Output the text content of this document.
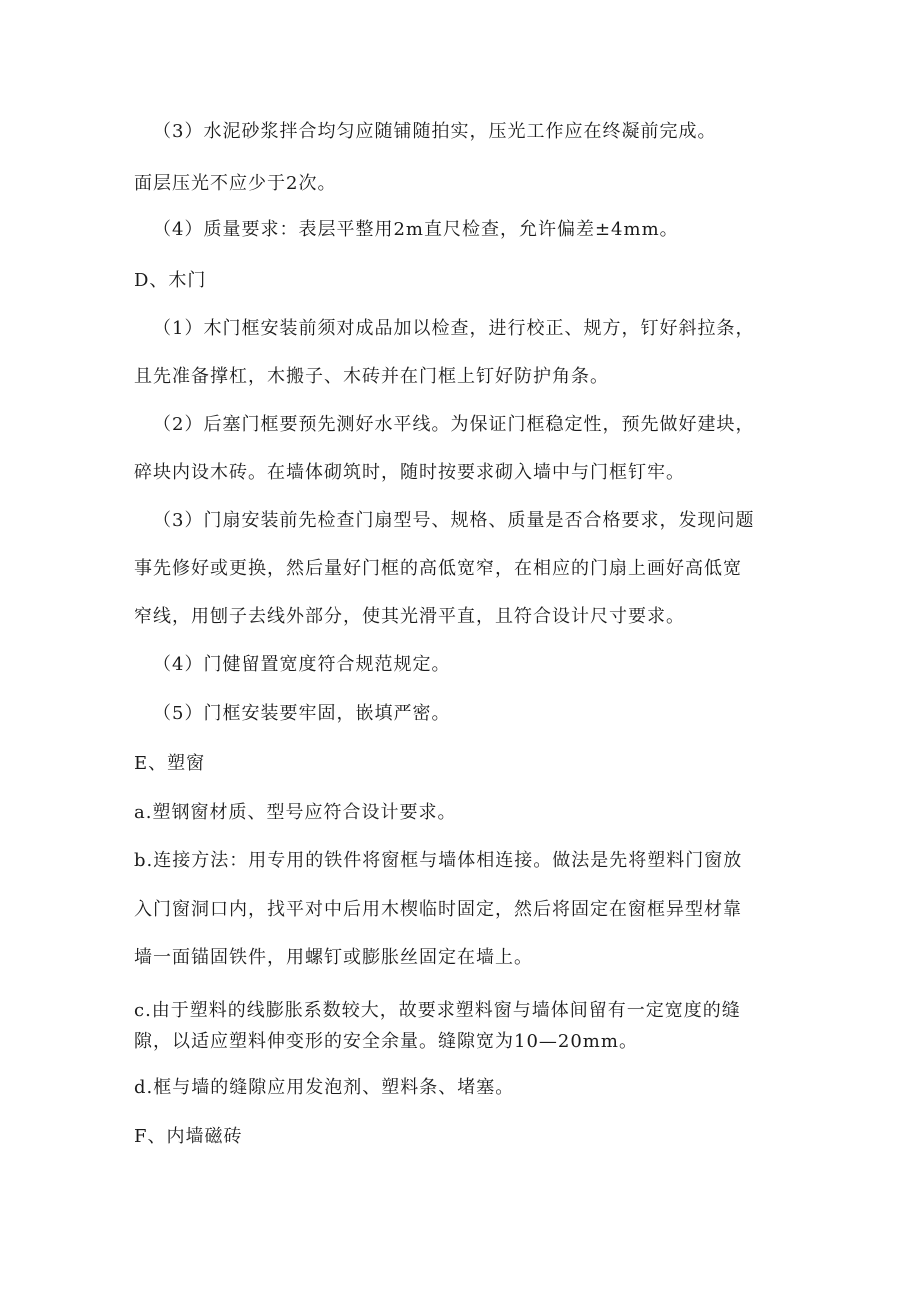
（3）水泥砂浆拌合均匀应随铺随拍实，压光工作应在终凝前完成。
面层压光不应少于2次。
（4）质量要求：表层平整用2m直尺检查，允许偏差±4mm。
D、木门
（1）木门框安装前须对成品加以检查，进行校正、规方，钉好斜拉条，
且先准备撑杠，木搬子、木砖并在门框上钉好防护角条。
（2）后塞门框要预先测好水平线。为保证门框稳定性，预先做好建块，
碎块内设木砖。在墙体砌筑时，随时按要求砌入墙中与门框钉牢。
（3）门扇安装前先检查门扇型号、规格、质量是否合格要求，发现问题
事先修好或更换，然后量好门框的高低宽窄，在相应的门扇上画好高低宽
窄线，用刨子去线外部分，使其光滑平直，且符合设计尺寸要求。
（4）门健留置宽度符合规范规定。
（5）门框安装要牢固，嵌填严密。
E、塑窗
a.塑钢窗材质、型号应符合设计要求。
b.连接方法：用专用的铁件将窗框与墙体相连接。做法是先将塑料门窗放
入门窗洞口内，找平对中后用木楔临时固定，然后将固定在窗框异型材靠
墙一面锚固铁件，用螺钉或膨胀丝固定在墙上。
c.由于塑料的线膨胀系数较大，故要求塑料窗与墙体间留有一定宽度的缝
隙，以适应塑料伸变形的安全余量。缝隙宽为10—20mm。
d.框与墙的缝隙应用发泡剂、塑料条、堵塞。
F、内墙磁砖
